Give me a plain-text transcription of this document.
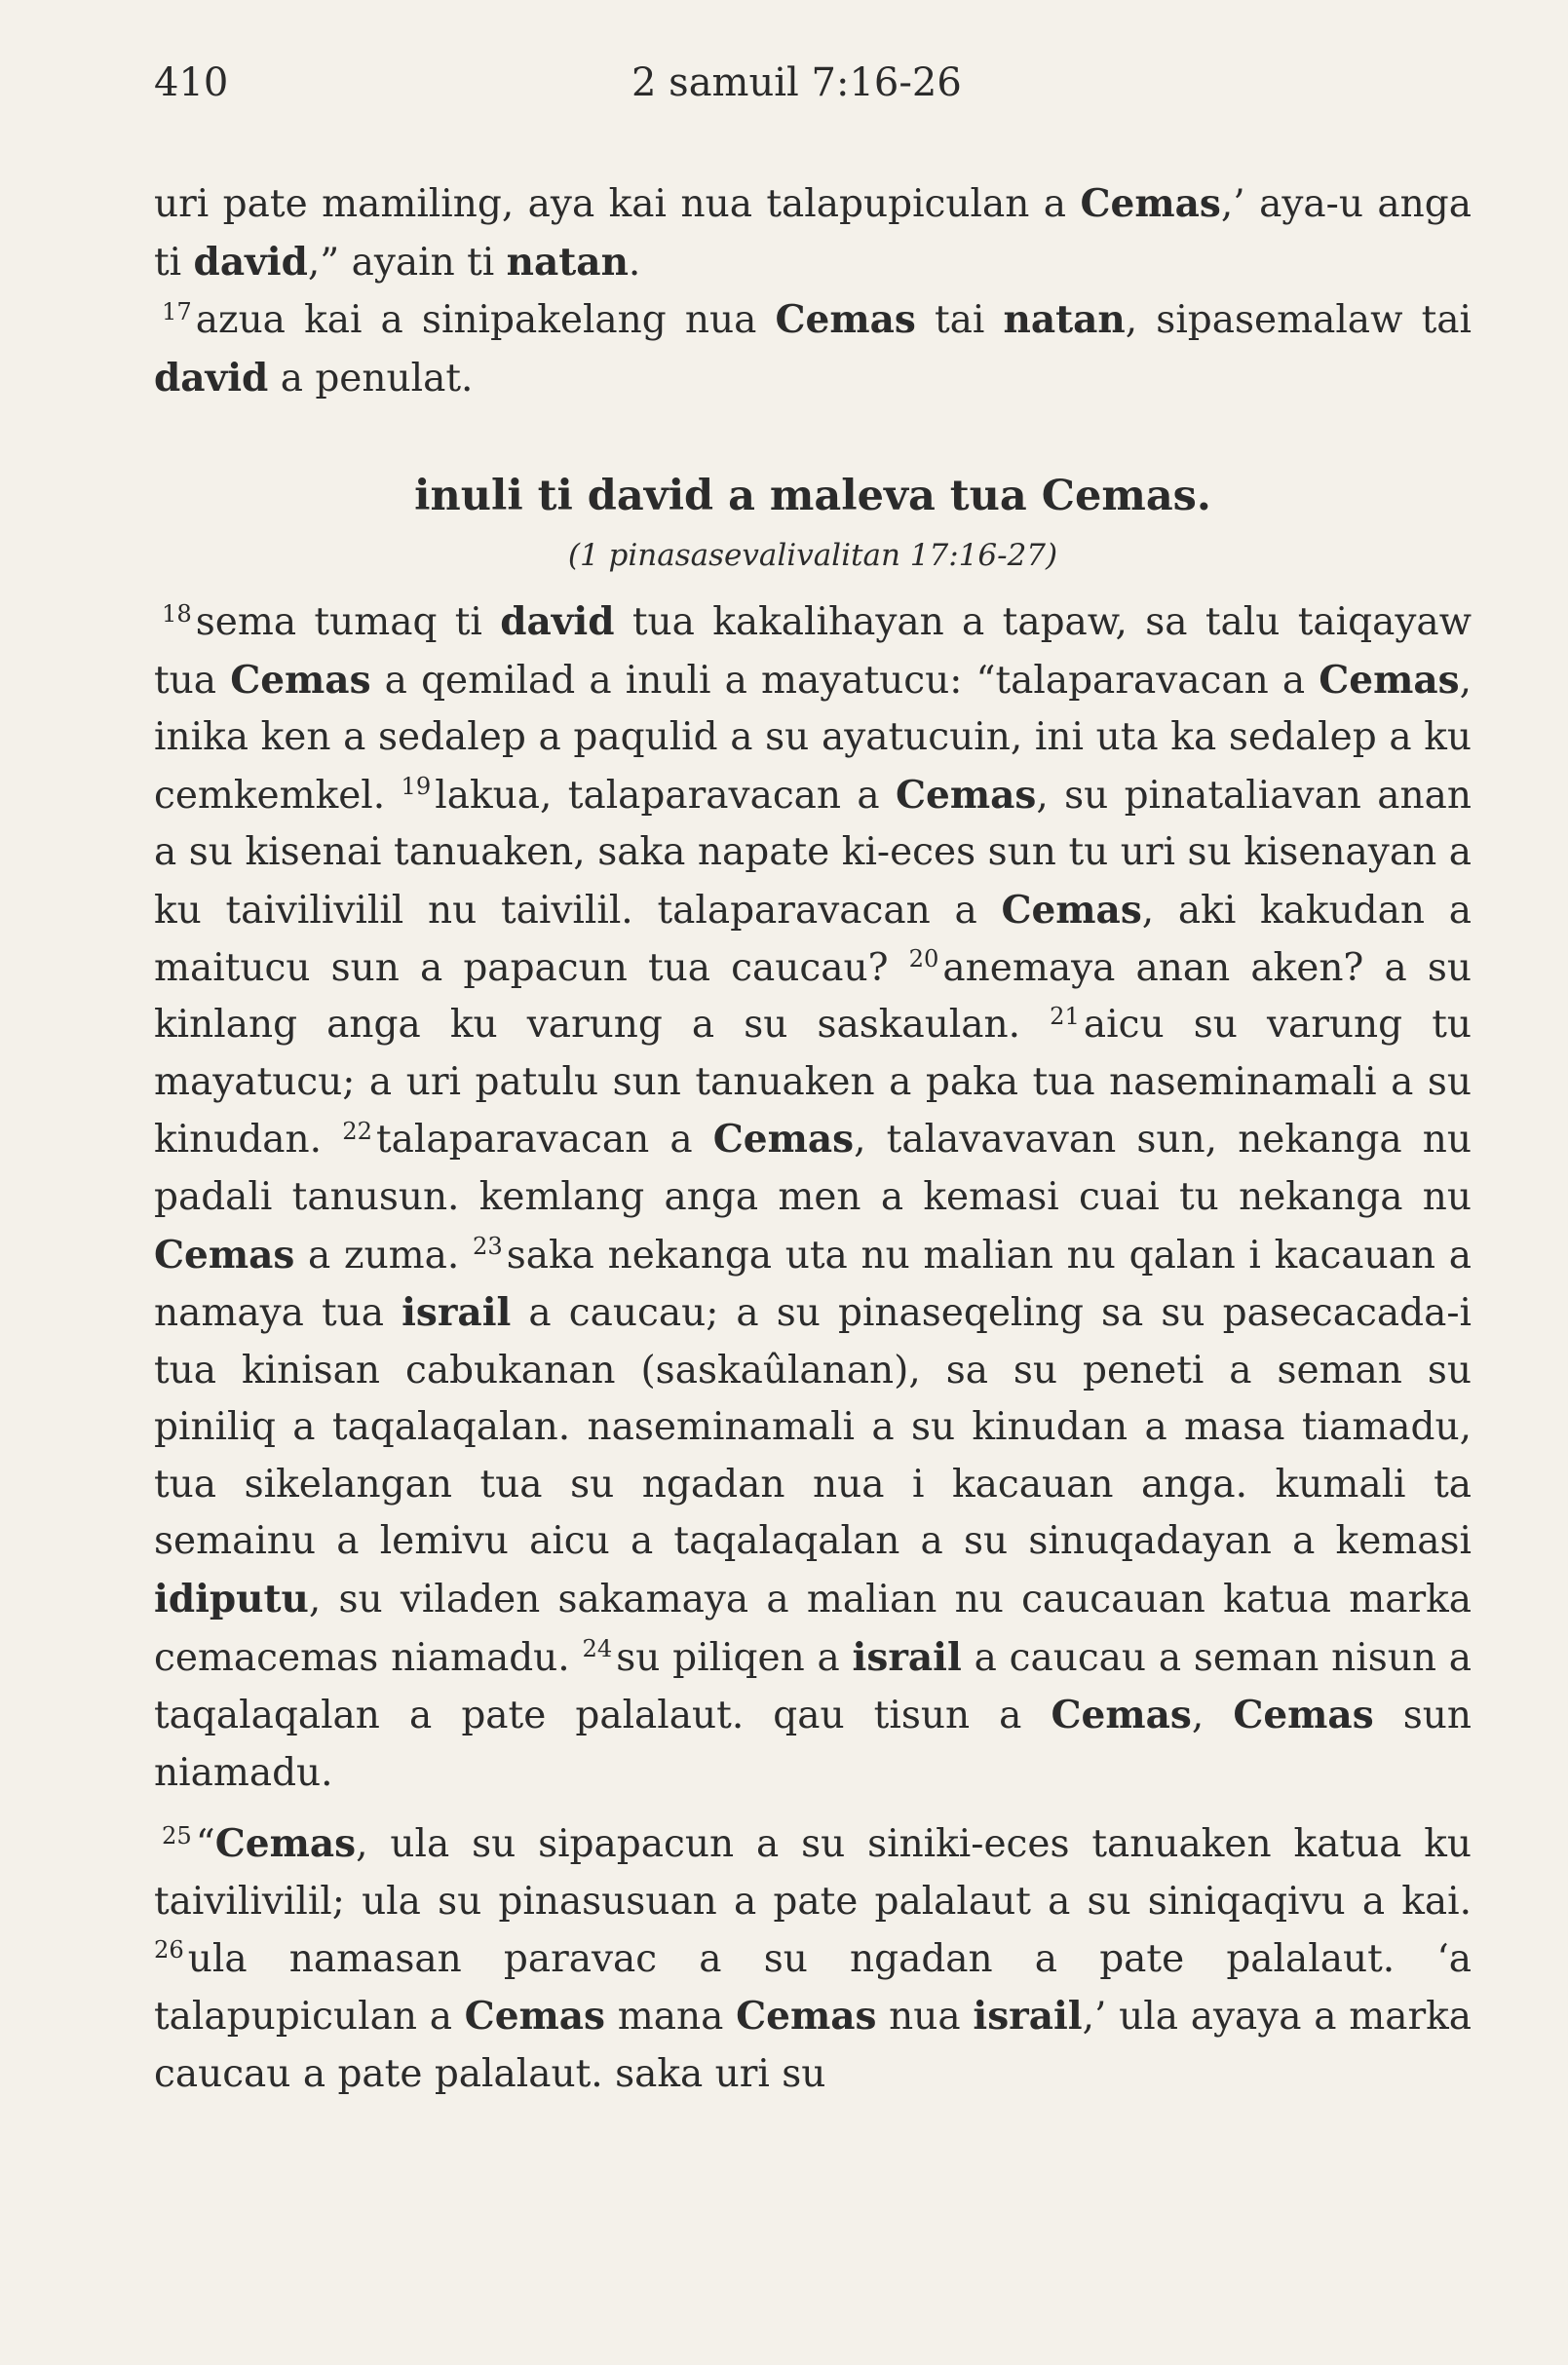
410	2 samuil 7:16-26

uri pate mamiling, aya kai nua talapupiculan a Cemas,’ aya-u anga ti david,” ayain ti natan.

$^{17}$ azua kai a sinipakelang nua Cemas tai natan, sipasemalaw tai david a penulat.

inuli ti david a maleva tua Cemas.
(1 pinasasevalivalitan 17:16-27)

$^{18}$ sema tumaq ti david tua kakalihayan a tapaw, sa talu taiqayaw tua Cemas a qemilad a inuli a mayatucu: “talaparavacan a Cemas, inika ken a sedalep a paqulid a su ayatucuin, ini uta ka sedalep a ku cemkemkel. $^{19}$ lakua, talaparavacan a Cemas, su pinataliavan anan a su kisenai tanuaken, saka napate ki-eces sun tu uri su kisenayan a ku taivilivilil nu taivilil. talaparavacan a Cemas, aki kakudan a maitucu sun a papacun tua caucau? $^{20}$ anemaya anan aken? a su kinlang anga ku varung a su saskaulan. $^{21}$ aicu su varung tu mayatucu; a uri patulu sun tanuaken a paka tua naseminamali a su kinudan. $^{22}$ talaparavacan a Cemas, talavavavan sun, nekanga nu padali tanusun. kemlang anga men a kemasi cuai tu nekanga nu Cemas a zuma. $^{23}$ saka nekanga uta nu malian nu qalan i kacauan a namaya tua israil a caucau; a su pinaseqeling sa su pasecacada-i tua kinisan cabukanan (saskaûlanan), sa su peneti a seman su piniliq a taqalaqalan. naseminamali a su kinudan a masa tiamadu, tua sikelangan tua su ngadan nua i kacauan anga. kumali ta semainu a lemivu aicu a taqalaqalan a su sinuqadayan a kemasi idiputu, su viladen sakamaya a malian nu caucauan katua marka cemacemas niamadu. $^{24}$ su piliqen a israil a caucau a seman nisun a taqalaqalan a pate palalaut. qau tisun a Cemas, Cemas sun niamadu.

$^{25}$ “Cemas, ula su sipapacun a su siniki-eces tanuaken katua ku taivilivilil; ula su pinasusuan a pate palalaut a su siniqaqivu a kai. $^{26}$ ula namasan paravac a su ngadan a pate palalaut. ‘a talapupiculan a Cemas mana Cemas nua israil,’ ula ayaya a marka caucau a pate palalaut. saka uri su
